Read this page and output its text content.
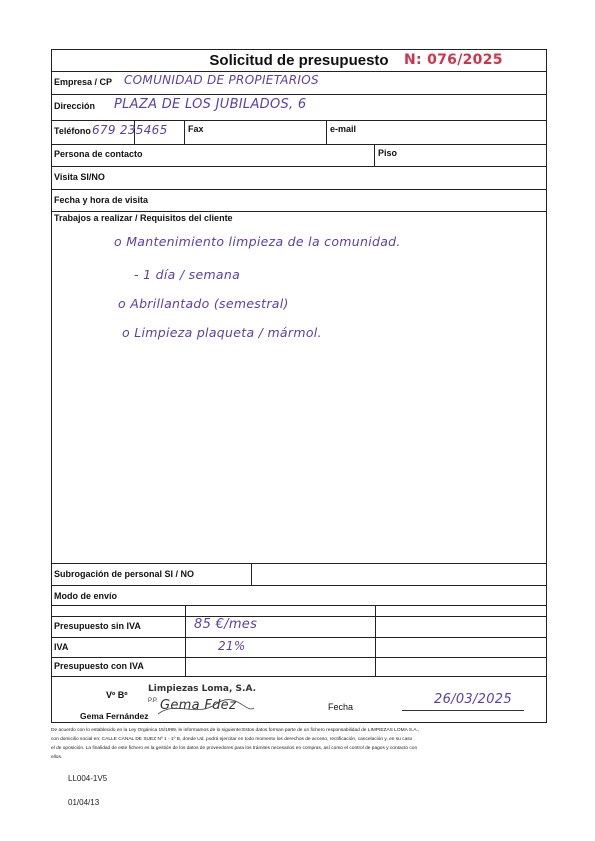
Solicitud de presupuesto	N: 076/2025
Empresa / CP COMUNIDAD DE PROPIETARIOS
Dirección PLAZA DE LOS JUBILADOS, 6
Teléfono 679 235465 Fax	e-mail
Persona de contacto	Piso
Visita SI/NO
Fecha y hora de visita
Trabajos a realizar / Requisitos del cliente
o Mantenimiento limpieza de la comunidad.
- 1 día / semana
o Abrillantado (semestral)
o Limpieza plaqueta / mármol.
Subrogación de personal SI / NO
Modo de envío
Presupuesto sin IVA	85 €/mes
IVA	21%
Presupuesto con IVA
Vº Bº
Limpiezas Loma, S.A.
P.P. Gema Fdez
Gema Fernández
Fecha	26/03/2025
De acuerdo con lo establecido en la Ley Orgánica 15/1999, le informamos de lo siguiente:Estos datos forman parte de un fichero responsabilidad de LIMPIEZAS LOMA S.A.,
con domicilio social en: CALLE CANAL DE SUEZ Nº 1 - 1º B, donde Ud. podrá ejercitar en todo momento los derechos de acceso, rectificación, cancelación y, en su caso
el de oposición. La finalidad de este fichero es la gestión de los datos de proveedores para los trámites necesarios en compras, así como el control de pagos y contacto con
ellos.
LL004-1V5
01/04/13
